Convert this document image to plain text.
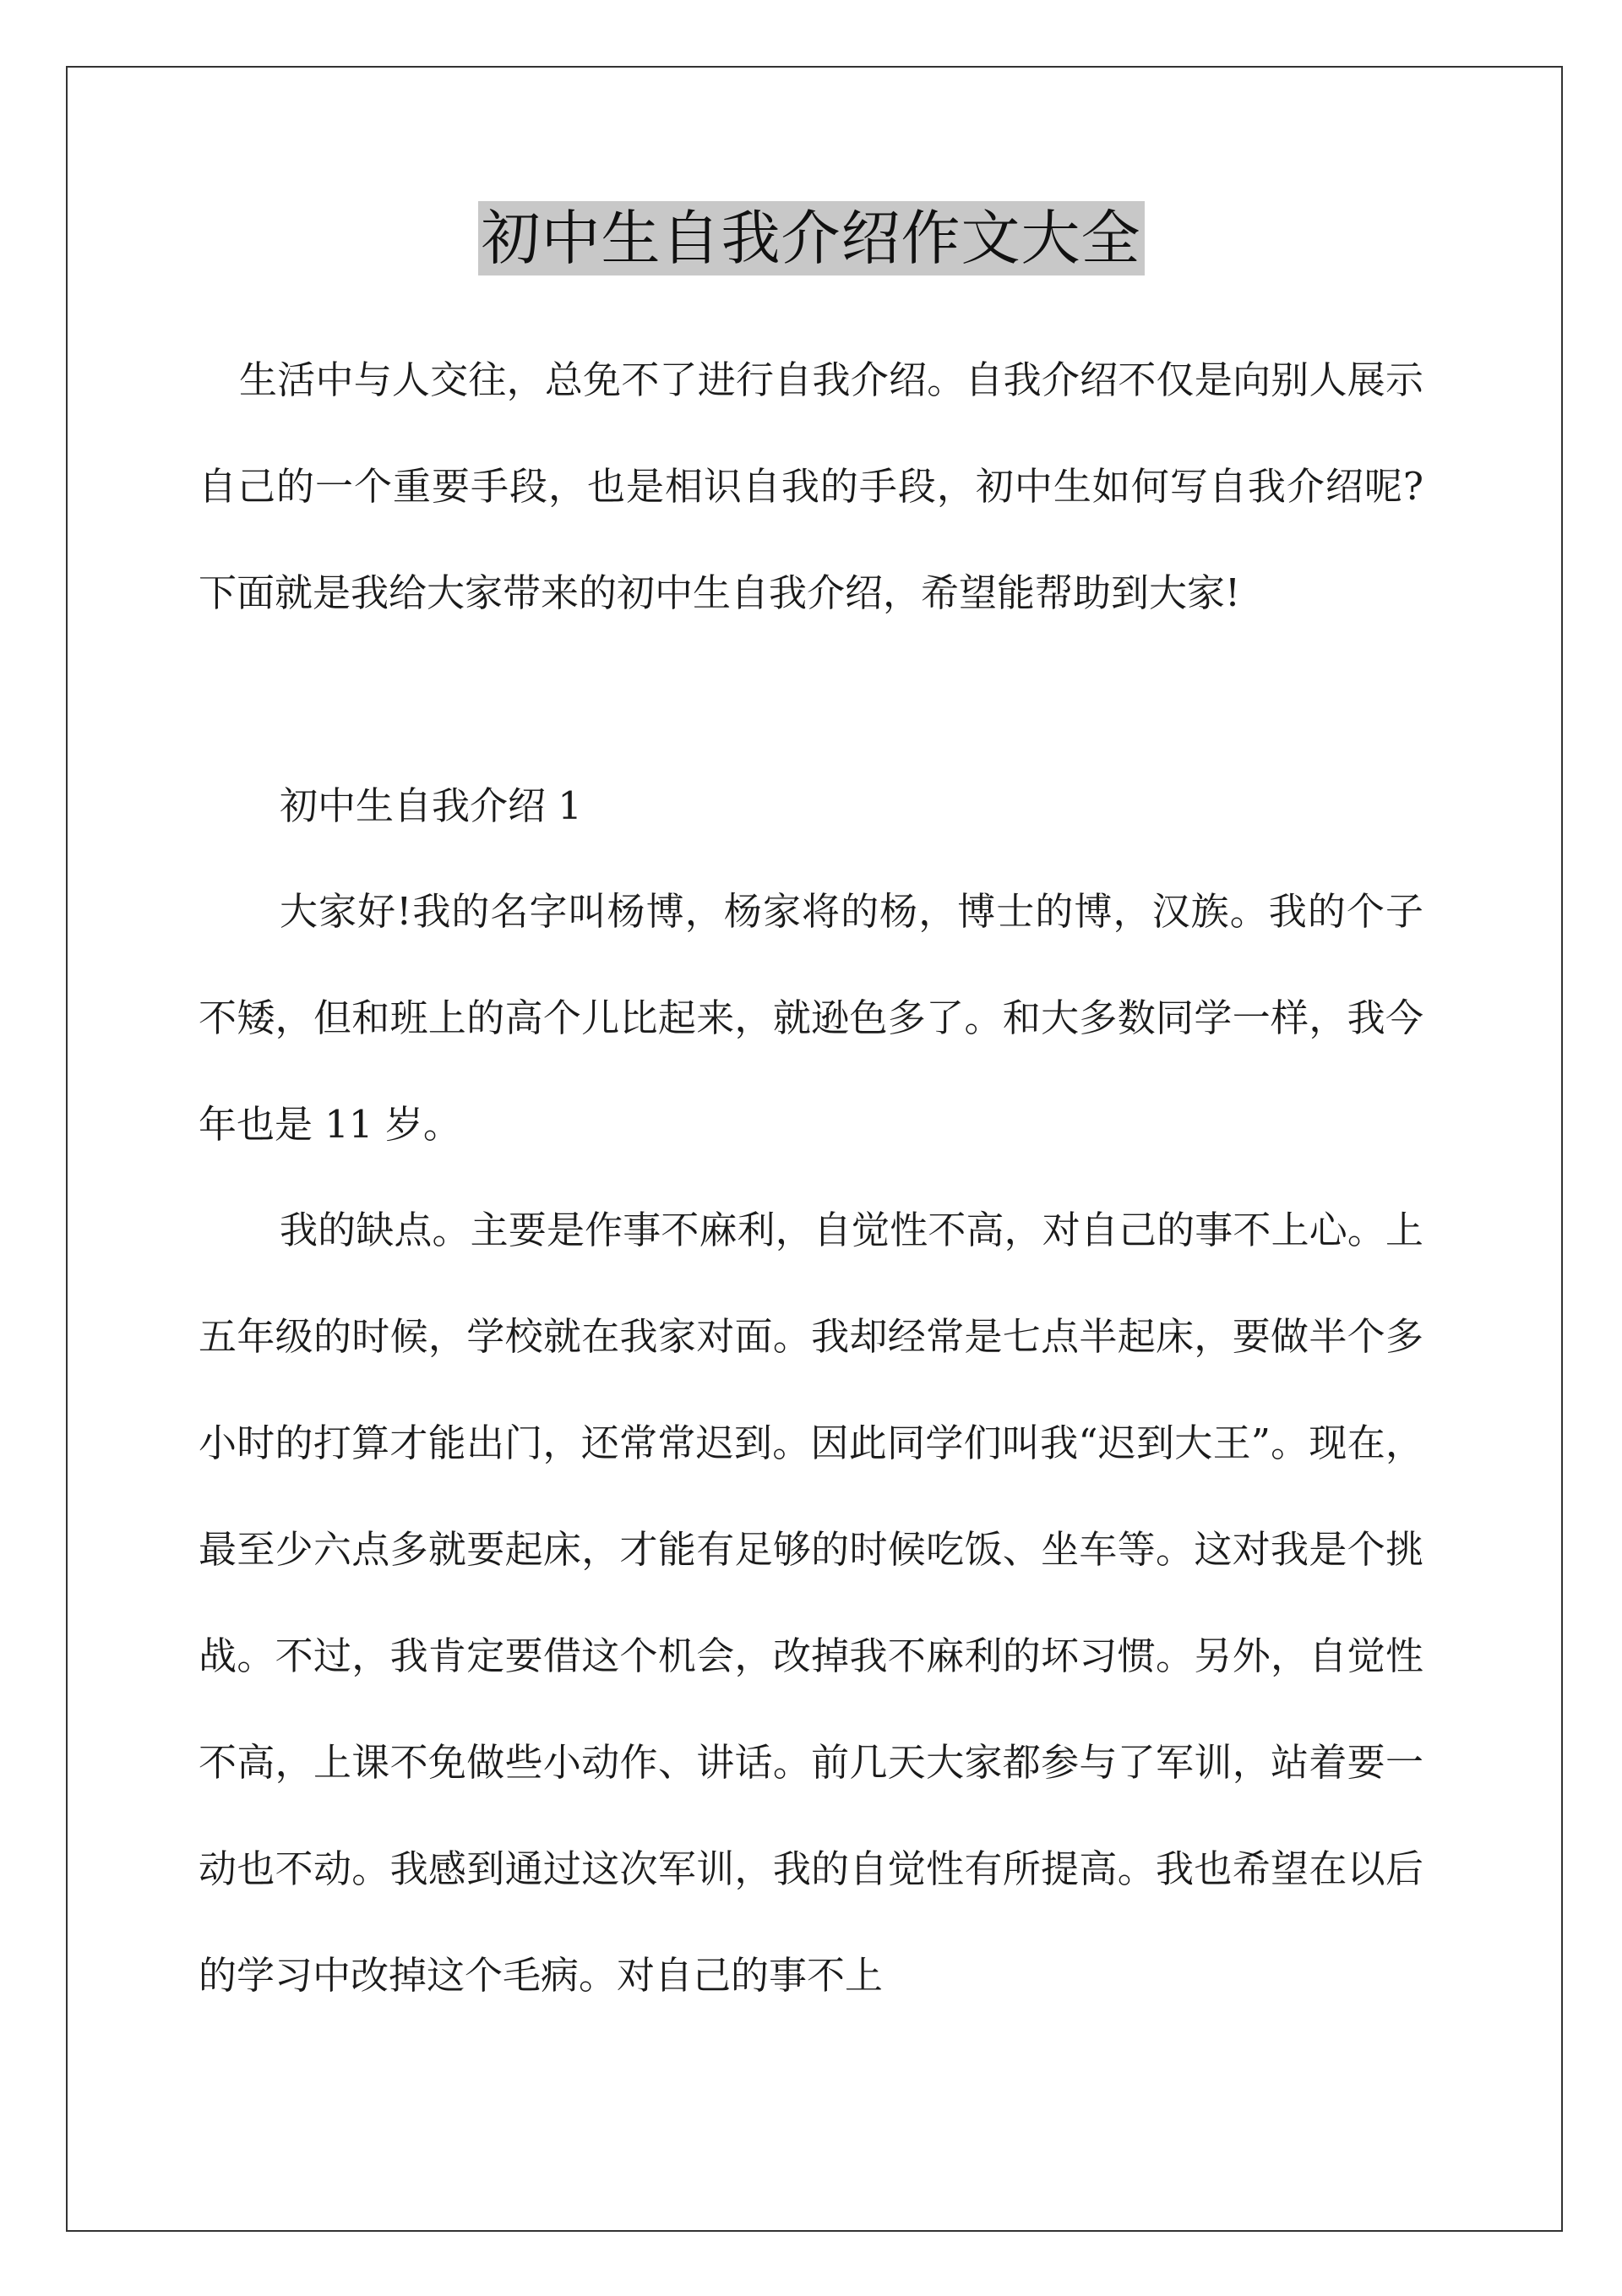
初中生自我介绍作文大全

生活中与人交往，总免不了进行自我介绍。自我介绍不仅是向别人展示自己的一个重要手段，也是相识自我的手段，初中生如何写自我介绍呢?下面就是我给大家带来的初中生自我介绍，希望能帮助到大家!

初中生自我介绍 1

大家好!我的名字叫杨博，杨家将的杨，博士的博，汉族。我的个子不矮，但和班上的高个儿比起来，就逊色多了。和大多数同学一样，我今年也是 11 岁。

我的缺点。主要是作事不麻利，自觉性不高，对自己的事不上心。上五年级的时候，学校就在我家对面。我却经常是七点半起床，要做半个多小时的打算才能出门，还常常迟到。因此同学们叫我“迟到大王”。现在，最至少六点多就要起床，才能有足够的时候吃饭、坐车等。这对我是个挑战。不过，我肯定要借这个机会，改掉我不麻利的坏习惯。另外，自觉性不高，上课不免做些小动作、讲话。前几天大家都参与了军训，站着要一动也不动。我感到通过这次军训，我的自觉性有所提高。我也希望在以后的学习中改掉这个毛病。对自己的事不上
